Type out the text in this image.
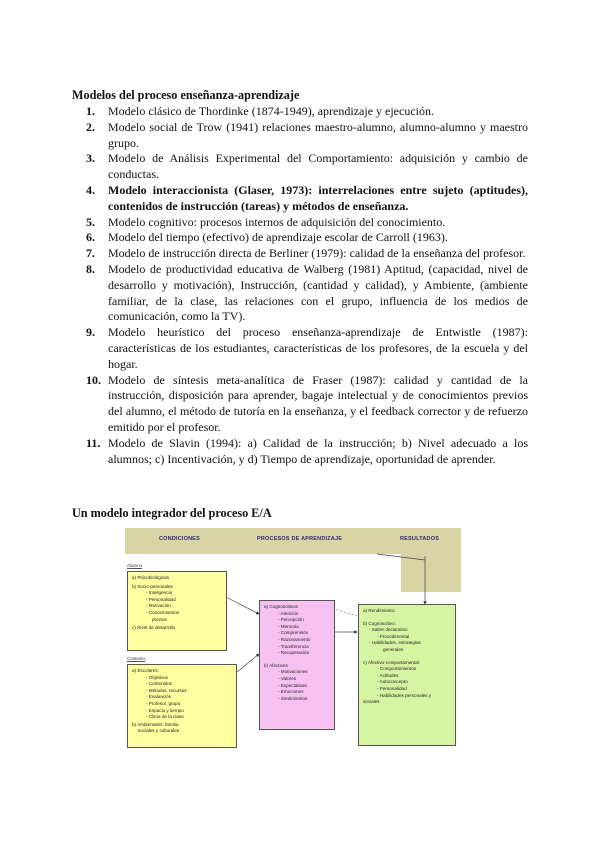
Modelos del proceso enseñanza-aprendizaje
1.	Modelo clásico de Thordinke (1874-1949), aprendizaje y ejecución.
2.	Modelo social de Trow (1941) relaciones maestro-alumno, alumno-alumno y maestro grupo.
3.	Modelo de Análisis Experimental del Comportamiento: adquisición y cambio de conductas.
4.	Modelo interaccionista (Glaser, 1973): interrelaciones entre sujeto (aptitudes), contenidos de instrucción (tareas) y métodos de enseñanza.
5.	Modelo cognitivo: procesos internos de adquisición del conocimiento.
6.	Modelo del tiempo (efectivo) de aprendizaje escolar de Carroll (1963).
7.	Modelo de instrucción directa de Berliner (1979): calidad de la enseñanza del profesor.
8.	Modelo de productividad educativa de Walberg (1981) Aptitud, (capacidad, nivel de desarrollo y motivación), Instrucción, (cantidad y calidad), y Ambiente, (ambiente familiar, de la clase, las relaciones con el grupo, influencia de los medios de comunicación, como la TV).
9.	Modelo heurístico del proceso enseñanza-aprendizaje de Entwistle (1987): características de los estudiantes, características de los profesores, de la escuela y del hogar.
10. Modelo de síntesis meta-analítica de Fraser (1987): calidad y cantidad de la instrucción, disposición para aprender, bagaje intelectual y de conocimientos previos del alumno, el método de tutoría en la enseñanza, y el feedback corrector y de refuerzo emitido por el profesor.
11. Modelo de Slavin (1994): a) Calidad de la instrucción; b) Nivel adecuado a los alumnos; c) Incentivación, y d) Tiempo de aprendizaje, oportunidad de aprender.
Un modelo integrador del proceso E/A
CONDICIONES	PROCESOS DE APRENDIZAJE	RESULTADOS
Alumno
Contexto
a) Psicobiológicas
b) Socio-personales
- Inteligencia
- Personalidad
- Motivación
- Conocimientos
previos
c) Nivel de desarrollo
a) Escolares:
- Objetivos
- Contenidos
- Métodos, recursos
- Evaluación
- Profesor, grupo
- Espacio y tiempo
- Clima de la clase
b) Ambientales: familia,
sociales y culturales
a) Cognoscitivos
- Atención
- Percepción
- Memoria
- Comprensión
- Razonamiento
- Transferencia
- Recuperación
b) Afectivos
- Motivaciones
- Valores
- Expectativas
- Emociones
- Sentimientos
a) Rendimiento:
b) Cognoscitivo:
- Saber declarativo
- Procedimental
- Habilidades, estrategias
generales
c) Afectivo-comportamental:
- Comportamientos
- Actitudes
- Autoconcepto
- Personalidad
- Habilidades personales y
sociales
